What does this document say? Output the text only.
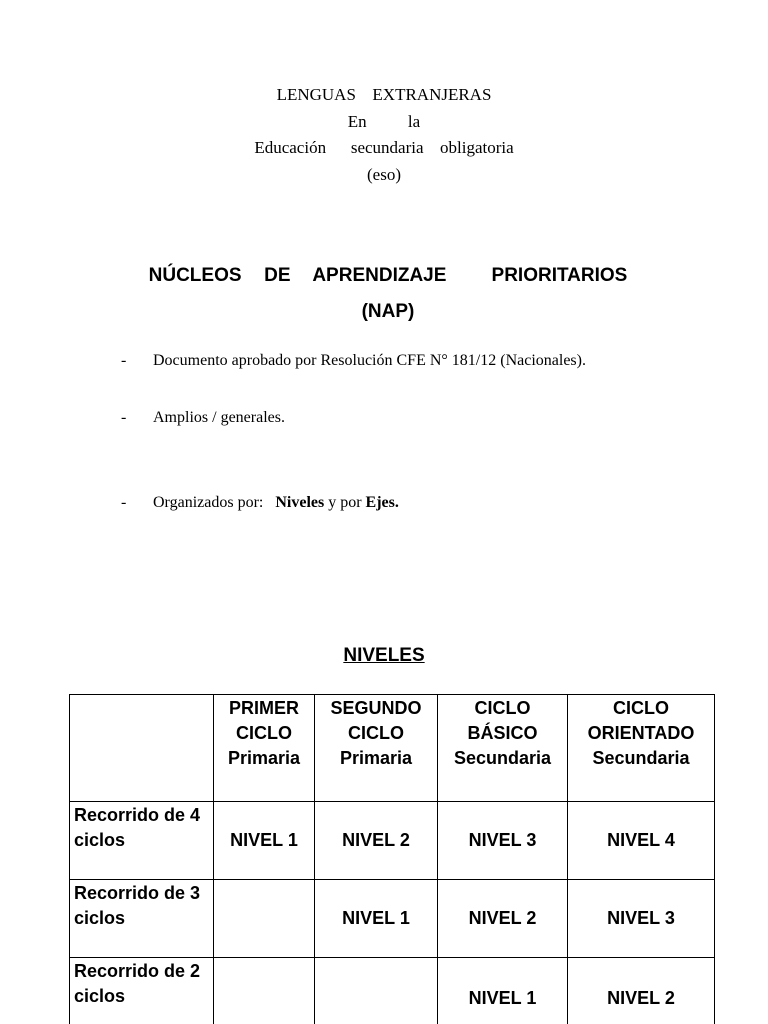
LENGUAS  EXTRANJERAS
En     la
Educación   secundaria  obligatoria
(eso)
NÚCLEOS  DE  APRENDIZAJE    PRIORITARIOS
(NAP)
- Documento aprobado por Resolución CFE N° 181/12 (Nacionales).
- Amplios / generales.
- Organizados por:   Niveles y por Ejes.
NIVELES
	PRIMER
CICLO
Primaria	SEGUNDO
CICLO
Primaria	CICLO
BÁSICO
Secundaria	CICLO
ORIENTADO
Secundaria
Recorrido de 4 ciclos	NIVEL 1	NIVEL 2	NIVEL 3	NIVEL 4
Recorrido de 3 ciclos		NIVEL 1	NIVEL 2	NIVEL 3
Recorrido de 2 ciclos			NIVEL 1	NIVEL 2
